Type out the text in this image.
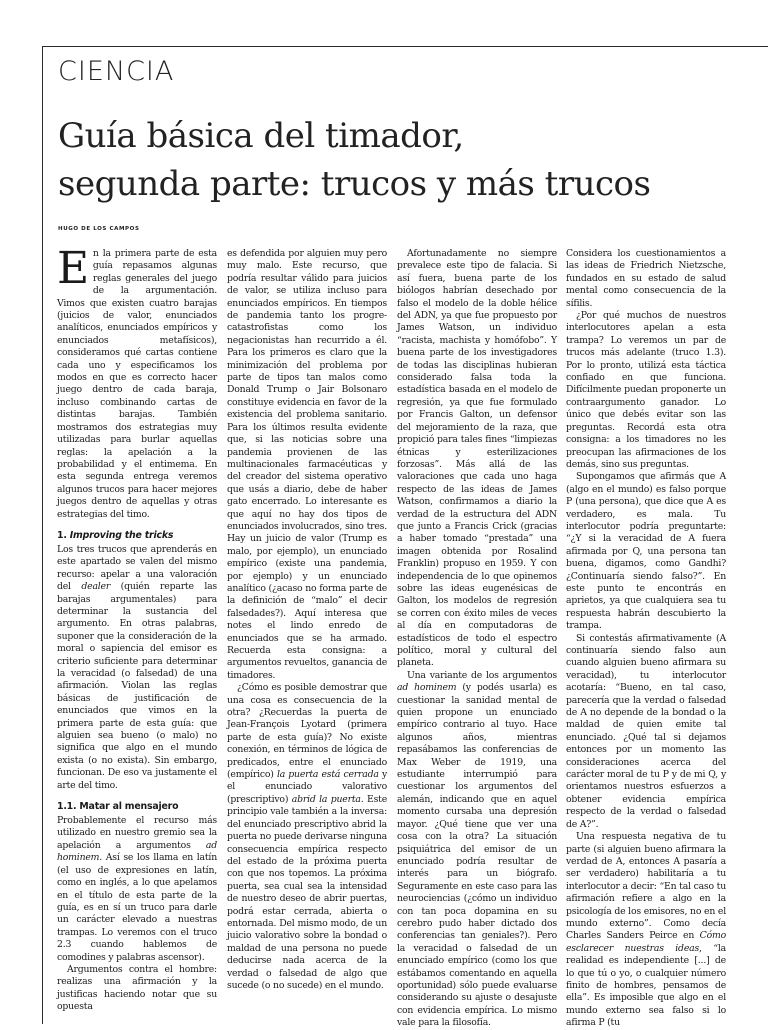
CIENCIA
Guía básica del timador,
segunda parte: trucos y más trucos
HUGO DE LOS CAMPOS

En la primera parte de esta guía repasamos algunas reglas generales del juego de la argumentación. Vimos que existen cuatro barajas (juicios de valor, enunciados analíticos, enunciados empíricos y enunciados metafísicos), consideramos qué cartas contiene cada uno y especificamos los modos en que es correcto hacer juego dentro de cada baraja, incluso combinando cartas de distintas barajas. También mostramos dos estrategias muy utilizadas para burlar aquellas reglas: la apelación a la probabilidad y el entimema. En esta segunda entrega veremos algunos trucos para hacer mejores juegos dentro de aquellas y otras estrategias del timo.

1. Improving the tricks

Los tres trucos que aprenderás en este apartado se valen del mismo recurso: apelar a una valoración del dealer (quién reparte las barajas argumentales) para determinar la sustancia del argumento. En otras palabras, suponer que la consideración de la moral o sapiencia del emisor es criterio suficiente para determinar la veracidad (o falsedad) de una afirmación. Violan las reglas básicas de justificación de enunciados que vimos en la primera parte de esta guía: que alguien sea bueno (o malo) no significa que algo en el mundo exista (o no exista). Sin embargo, funcionan. De eso va justamente el arte del timo.

1.1. Matar al mensajero

Probablemente el recurso más utilizado en nuestro gremio sea la apelación a argumentos ad hominem. Así se los llama en latín (el uso de expresiones en latín, como en inglés, a lo que apelamos en el título de esta parte de la guía, es en sí un truco para darle un carácter elevado a nuestras trampas. Lo veremos con el truco 2.3 cuando hablemos de comodines y palabras ascensor).

Argumentos contra el hombre: realizas una afirmación y la justificas haciendo notar que su opuesta

es defendida por alguien muy pero muy malo. Este recurso, que podría resultar válido para juicios de valor, se utiliza incluso para enunciados empíricos. En tiempos de pandemia tanto los progre-catastrofistas como los negacionistas han recurrido a él. Para los primeros es claro que la minimización del problema por parte de tipos tan malos como Donald Trump o Jair Bolsonaro constituye evidencia en favor de la existencia del problema sanitario. Para los últimos resulta evidente que, si las noticias sobre una pandemia provienen de las multinacionales farmacéuticas y del creador del sistema operativo que usás a diario, debe de haber gato encerrado. Lo interesante es que aquí no hay dos tipos de enunciados involucrados, sino tres. Hay un juicio de valor (Trump es malo, por ejemplo), un enunciado empírico (existe una pandemia, por ejemplo) y un enunciado analítico (¿acaso no forma parte de la definición de “malo” el decir falsedades?). Aquí interesa que notes el lindo enredo de enunciados que se ha armado. Recuerda esta consigna: a argumentos revueltos, ganancia de timadores.

¿Cómo es posible demostrar que una cosa es consecuencia de la otra? ¿Recuerdas la puerta de Jean-François Lyotard (primera parte de esta guía)? No existe conexión, en términos de lógica de predicados, entre el enunciado (empírico) la puerta está cerrada y el enunciado valorativo (prescriptivo) abrid la puerta. Este principio vale también a la inversa: del enunciado prescriptivo abrid la puerta no puede derivarse ninguna consecuencia empírica respecto del estado de la próxima puerta con que nos topemos. La próxima puerta, sea cual sea la intensidad de nuestro deseo de abrir puertas, podrá estar cerrada, abierta o entornada. Del mismo modo, de un juicio valorativo sobre la bondad o maldad de una persona no puede deducirse nada acerca de la verdad o falsedad de algo que sucede (o no sucede) en el mundo.

Afortunadamente no siempre prevalece este tipo de falacia. Si así fuera, buena parte de los biólogos habrían desechado por falso el modelo de la doble hélice del ADN, ya que fue propuesto por James Watson, un individuo “racista, machista y homófobo”. Y buena parte de los investigadores de todas las disciplinas hubieran considerado falsa toda la estadística basada en el modelo de regresión, ya que fue formulado por Francis Galton, un defensor del mejoramiento de la raza, que propició para tales fines “limpiezas étnicas y esterilizaciones forzosas”. Más allá de las valoraciones que cada uno haga respecto de las ideas de James Watson, confirmamos a diario la verdad de la estructura del ADN que junto a Francis Crick (gracias a haber tomado “prestada” una imagen obtenida por Rosalind Franklin) propuso en 1959. Y con independencia de lo que opinemos sobre las ideas eugenésicas de Galton, los modelos de regresión se corren con éxito miles de veces al día en computadoras de estadísticos de todo el espectro político, moral y cultural del planeta.

Una variante de los argumentos ad hominem (y podés usarla) es cuestionar la sanidad mental de quien propone un enunciado empírico contrario al tuyo. Hace algunos años, mientras repasábamos las conferencias de Max Weber de 1919, una estudiante interrumpió para cuestionar los argumentos del alemán, indicando que en aquel momento cursaba una depresión mayor. ¿Qué tiene que ver una cosa con la otra? La situación psiquiátrica del emisor de un enunciado podría resultar de interés para un biógrafo. Seguramente en este caso para las neurociencias (¿cómo un individuo con tan poca dopamina en su cerebro pudo haber dictado dos conferencias tan geniales?). Pero la veracidad o falsedad de un enunciado empírico (como los que estábamos comentando en aquella oportunidad) sólo puede evaluarse considerando su ajuste o desajuste con evidencia empírica. Lo mismo vale para la filosofía.

Considera los cuestionamientos a las ideas de Friedrich Nietzsche, fundados en su estado de salud mental como consecuencia de la sífilis.

¿Por qué muchos de nuestros interlocutores apelan a esta trampa? Lo veremos un par de trucos más adelante (truco 1.3). Por lo pronto, utilizá esta táctica confiado en que funciona. Difícilmente puedan proponerte un contraargumento ganador. Lo único que debés evitar son las preguntas. Recordá esta otra consigna: a los timadores no les preocupan las afirmaciones de los demás, sino sus preguntas.

Supongamos que afirmás que A (algo en el mundo) es falso porque P (una persona), que dice que A es verdadero, es mala. Tu interlocutor podría preguntarte: “¿Y si la veracidad de A fuera afirmada por Q, una persona tan buena, digamos, como Gandhi? ¿Continuaría siendo falso?”. En este punto te encontrás en aprietos, ya que cualquiera sea tu respuesta habrán descubierto la trampa.

Si contestás afirmativamente (A continuaría siendo falso aun cuando alguien bueno afirmara su veracidad), tu interlocutor acotaría: “Bueno, en tal caso, parecería que la verdad o falsedad de A no depende de la bondad o la maldad de quien emite tal enunciado. ¿Qué tal si dejamos entonces por un momento las consideraciones acerca del carácter moral de tu P y de mi Q, y orientamos nuestros esfuerzos a obtener evidencia empírica respecto de la verdad o falsedad de A?”.

Una respuesta negativa de tu parte (si alguien bueno afirmara la verdad de A, entonces A pasaría a ser verdadero) habilitaría a tu interlocutor a decir: “En tal caso tu afirmación refiere a algo en la psicología de los emisores, no en el mundo externo”. Como decía Charles Sanders Peirce en Cómo esclarecer nuestras ideas, “la realidad es independiente [...] de lo que tú o yo, o cualquier número finito de hombres, pensamos de ella”. Es imposible que algo en el mundo externo sea falso si lo afirma P (tu
